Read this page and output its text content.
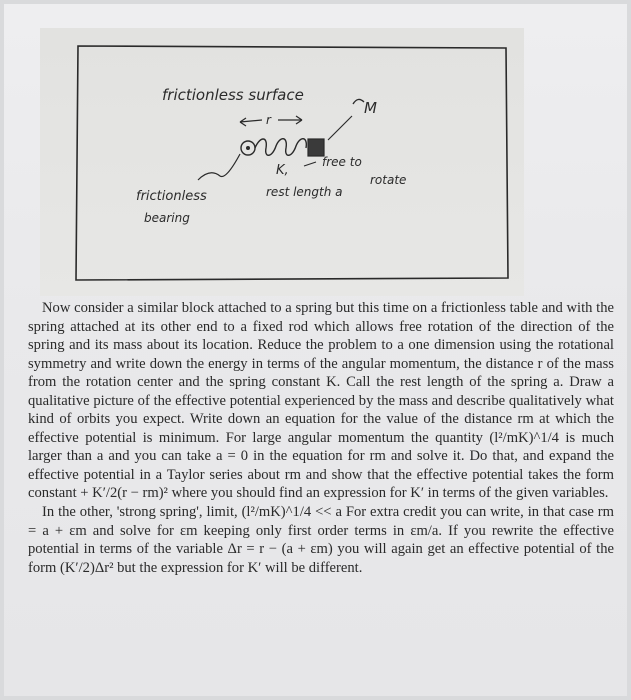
frictionless surface
M
r
K,
free to
rotate
rest length a
frictionless
bearing

Now consider a similar block attached to a spring but this time on a frictionless table and with the spring attached at its other end to a fixed rod which allows free rotation of the direction of the spring and its mass about its location. Reduce the problem to a one dimension using the rotational symmetry and write down the energy in terms of the angular momentum, the distance r of the mass from the rotation center and the spring constant K. Call the rest length of the spring a. Draw a qualitative picture of the effective potential experienced by the mass and describe qualitatively what kind of orbits you expect. Write down an equation for the value of the distance rm at which the effective potential is minimum. For large angular momentum the quantity (l²/mK)^1/4 is much larger than a and you can take a = 0 in the equation for rm and solve it. Do that, and expand the effective potential in a Taylor series about rm and show that the effective potential takes the form constant + K′/2(r − rm)² where you should find an expression for K′ in terms of the given variables.

In the other, 'strong spring', limit, (l²/mK)^1/4 << a For extra credit you can write, in that case rm = a + εm and solve for εm keeping only first order terms in εm/a. If you rewrite the effective potential in terms of the variable Δr = r − (a + εm) you will again get an effective potential of the form (K′/2)Δr² but the expression for K′ will be different.
